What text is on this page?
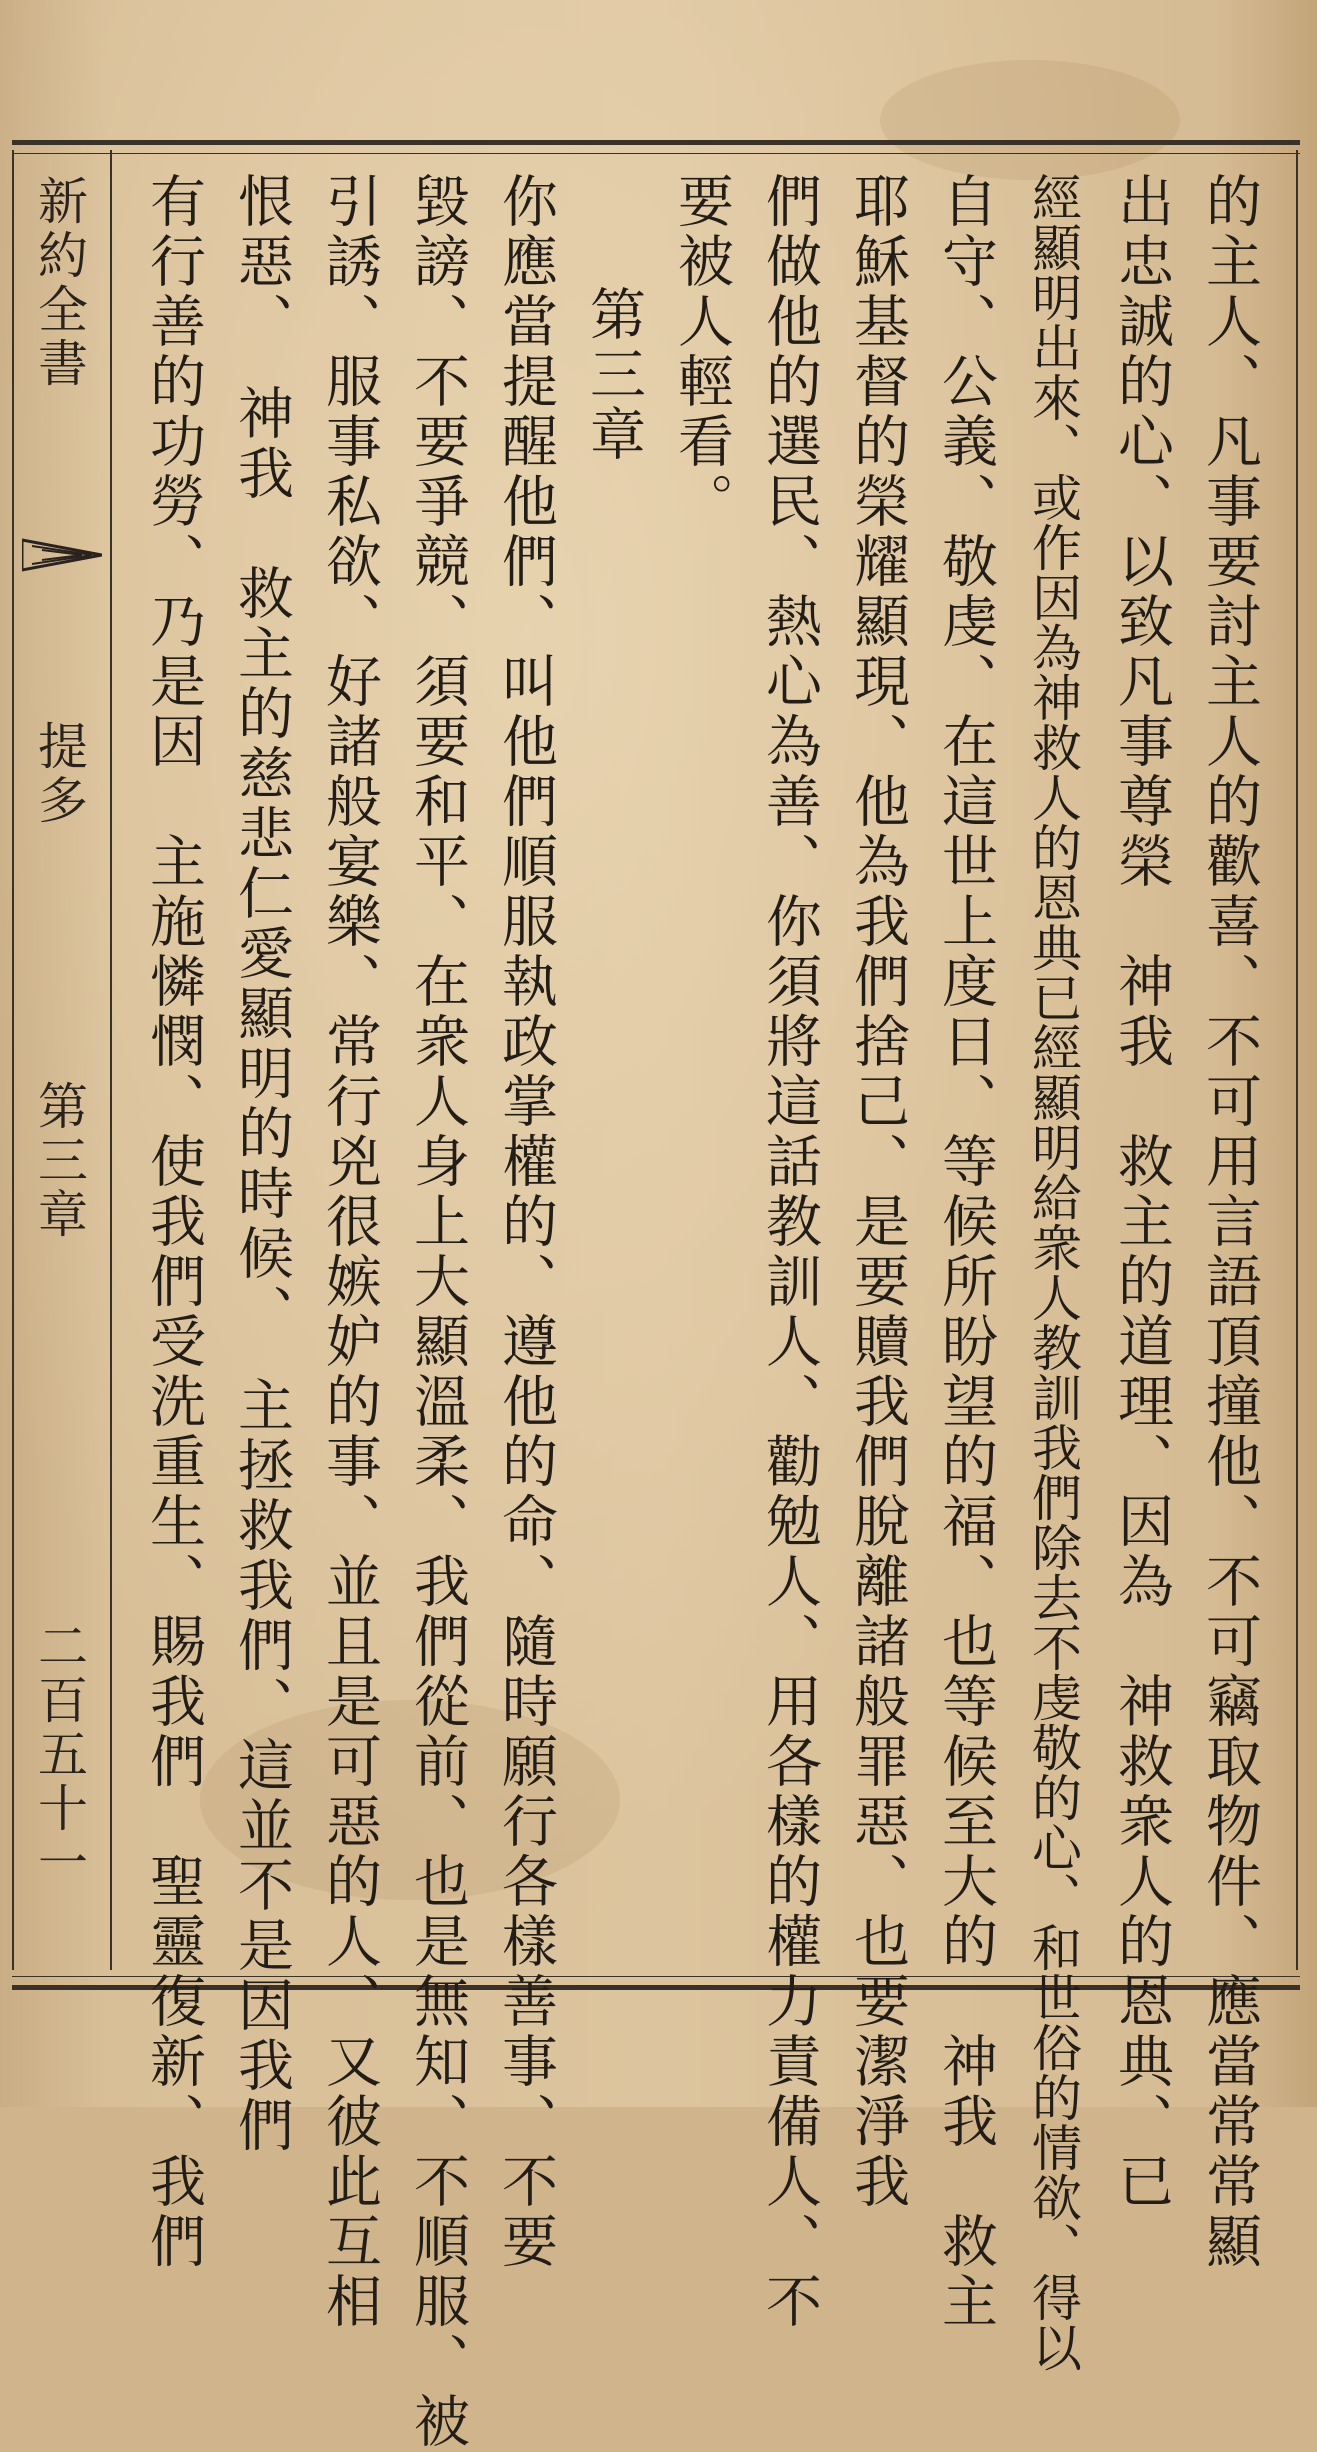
新約全書
提多
第三章
二百五十一	的主人、凡事要討主人的歡喜、不可用言語頂撞他、不可竊取物件、應當常常顯
出忠誠的心、以致凡事尊榮　神我　救主的道理、因為　神救衆人的恩典、已
經顯明出來、或作因為神救人的恩典已經顯明給衆人教訓我們除去不虔敬的心、和世俗的情欲、得以
自守、公義、敬虔、在這世上度日、等候所盼望的福、也等候至大的　神我　救主
耶穌基督的榮耀顯現、他為我們捨己、是要贖我們脫離諸般罪惡、也要潔淨我
們做他的選民、熱心為善、你須將這話教訓人、勸勉人、用各樣的權力責備人、不
要被人輕看。
第三章
你應當提醒他們、叫他們順服執政掌權的、遵他的命、隨時願行各樣善事、不要
毀謗、不要爭競、須要和平、在衆人身上大顯溫柔、我們從前、也是無知、不順服、被
引誘、服事私欲、好諸般宴樂、常行兇很嫉妒的事、並且是可惡的人、又彼此互相
恨惡、　神我　救主的慈悲仁愛顯明的時候、　主拯救我們、這並不是因我們
有行善的功勞、乃是因　主施憐憫、使我們受洗重生、賜我們　聖靈復新、我們
